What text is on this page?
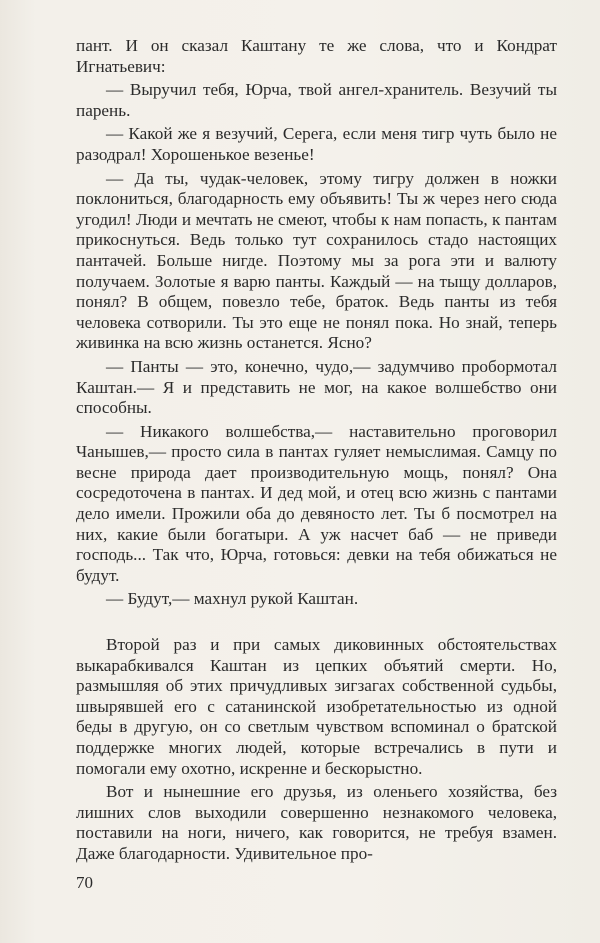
пант. И он сказал Каштану те же слова, что и Кондрат Игнатьевич:

— Выручил тебя, Юрча, твой ангел-хранитель. Везучий ты парень.

— Какой же я везучий, Серега, если меня тигр чуть было не разодрал! Хорошенькое везенье!

— Да ты, чудак-человек, этому тигру должен в ножки поклониться, благодарность ему объявить! Ты ж через него сюда угодил! Люди и мечтать не смеют, чтобы к нам попасть, к пантам прикоснуться. Ведь только тут сохранилось стадо настоящих пантачей. Больше нигде. Поэтому мы за рога эти и валюту получаем. Золотые я варю панты. Каждый — на тыщу долларов, понял? В общем, повезло тебе, браток. Ведь панты из тебя человека сотворили. Ты это еще не понял пока. Но знай, теперь живинка на всю жизнь останется. Ясно?

— Панты — это, конечно, чудо,— задумчиво пробормотал Каштан.— Я и представить не мог, на какое волшебство они способны.

— Никакого волшебства,— наставительно проговорил Чанышев,— просто сила в пантах гуляет немыслимая. Самцу по весне природа дает производительную мощь, понял? Она сосредоточена в пантах. И дед мой, и отец всю жизнь с пантами дело имели. Прожили оба до девяносто лет. Ты б посмотрел на них, какие были богатыри. А уж насчет баб — не приведи господь... Так что, Юрча, готовься: девки на тебя обижаться не будут.

— Будут,— махнул рукой Каштан.

Второй раз и при самых диковинных обстоятельствах выкарабкивался Каштан из цепких объятий смерти. Но, размышляя об этих причудливых зигзагах собственной судьбы, швырявшей его с сатанинской изобретательностью из одной беды в другую, он со светлым чувством вспоминал о братской поддержке многих людей, которые встречались в пути и помогали ему охотно, искренне и бескорыстно.

Вот и нынешние его друзья, из оленьего хозяйства, без лишних слов выходили совершенно незнакомого человека, поставили на ноги, ничего, как говорится, не требуя взамен. Даже благодарности. Удивительное про-

70
